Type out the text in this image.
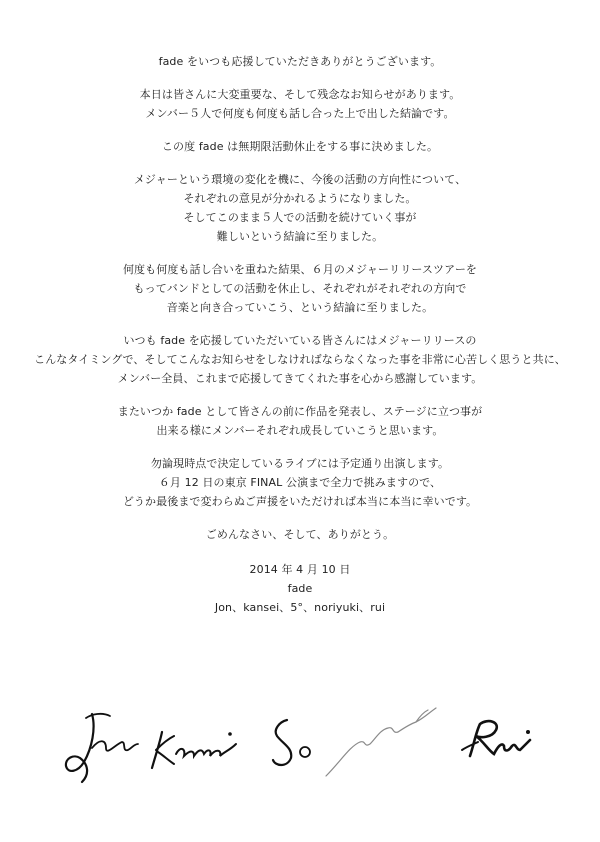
fade をいつも応援していただきありがとうございます。
本日は皆さんに大変重要な、そして残念なお知らせがあります。
メンバー５人で何度も何度も話し合った上で出した結論です。
この度 fade は無期限活動休止をする事に決めました。
メジャーという環境の変化を機に、今後の活動の方向性について、
それぞれの意見が分かれるようになりました。
そしてこのまま５人での活動を続けていく事が
難しいという結論に至りました。
何度も何度も話し合いを重ねた結果、６月のメジャーリリースツアーを
もってバンドとしての活動を休止し、それぞれがそれぞれの方向で
音楽と向き合っていこう、という結論に至りました。
いつも fade を応援していただいている皆さんにはメジャーリリースの
こんなタイミングで、そしてこんなお知らせをしなければならなくなった事を非常に心苦しく思うと共に、
メンバー全員、これまで応援してきてくれた事を心から感謝しています。
またいつか fade として皆さんの前に作品を発表し、ステージに立つ事が
出来る様にメンバーそれぞれ成長していこうと思います。
勿論現時点で決定しているライブには予定通り出演します。
６月 12 日の東京 FINAL 公演まで全力で挑みますので、
どうか最後まで変わらぬご声援をいただければ本当に本当に幸いです。
ごめんなさい、そして、ありがとう。
2014 年 4 月 10 日
fade
Jon、kansei、5°、noriyuki、rui
